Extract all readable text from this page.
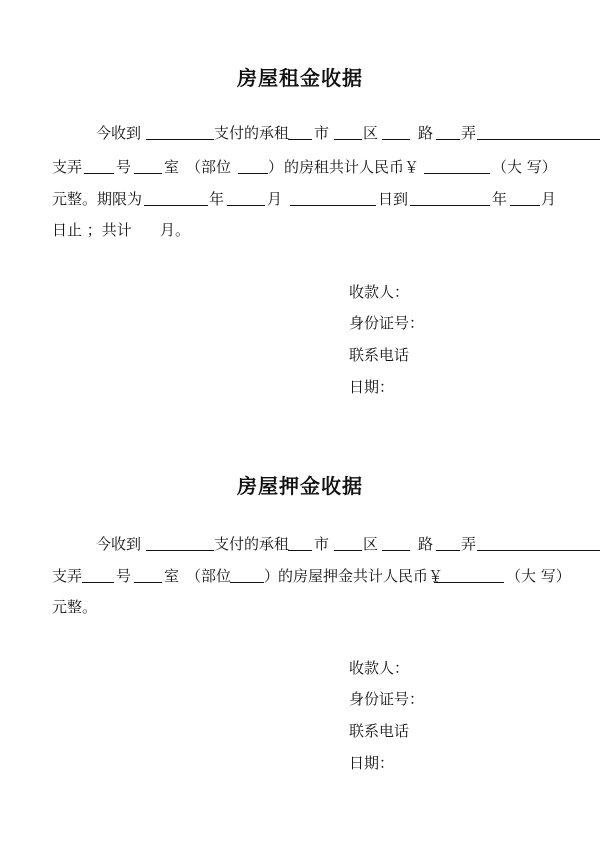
房屋租金收据
今收到	支付的承租 市 区	路 弄
支弄 号 室 （部位 ） 的房租共计人民币￥	（大 写）
元整。期限为	年	月	日到	年 月
日止 ；共计 月。
收款人：
身份证号：
联系电话
日期：
房屋押金收据
今收到	支付的承租 市 区	路 弄
支弄 号 室 （部位 ）
的房屋押金共计人民币￥	（大 写）
元整。
收款人：
身份证号：
联系电话
日期：
